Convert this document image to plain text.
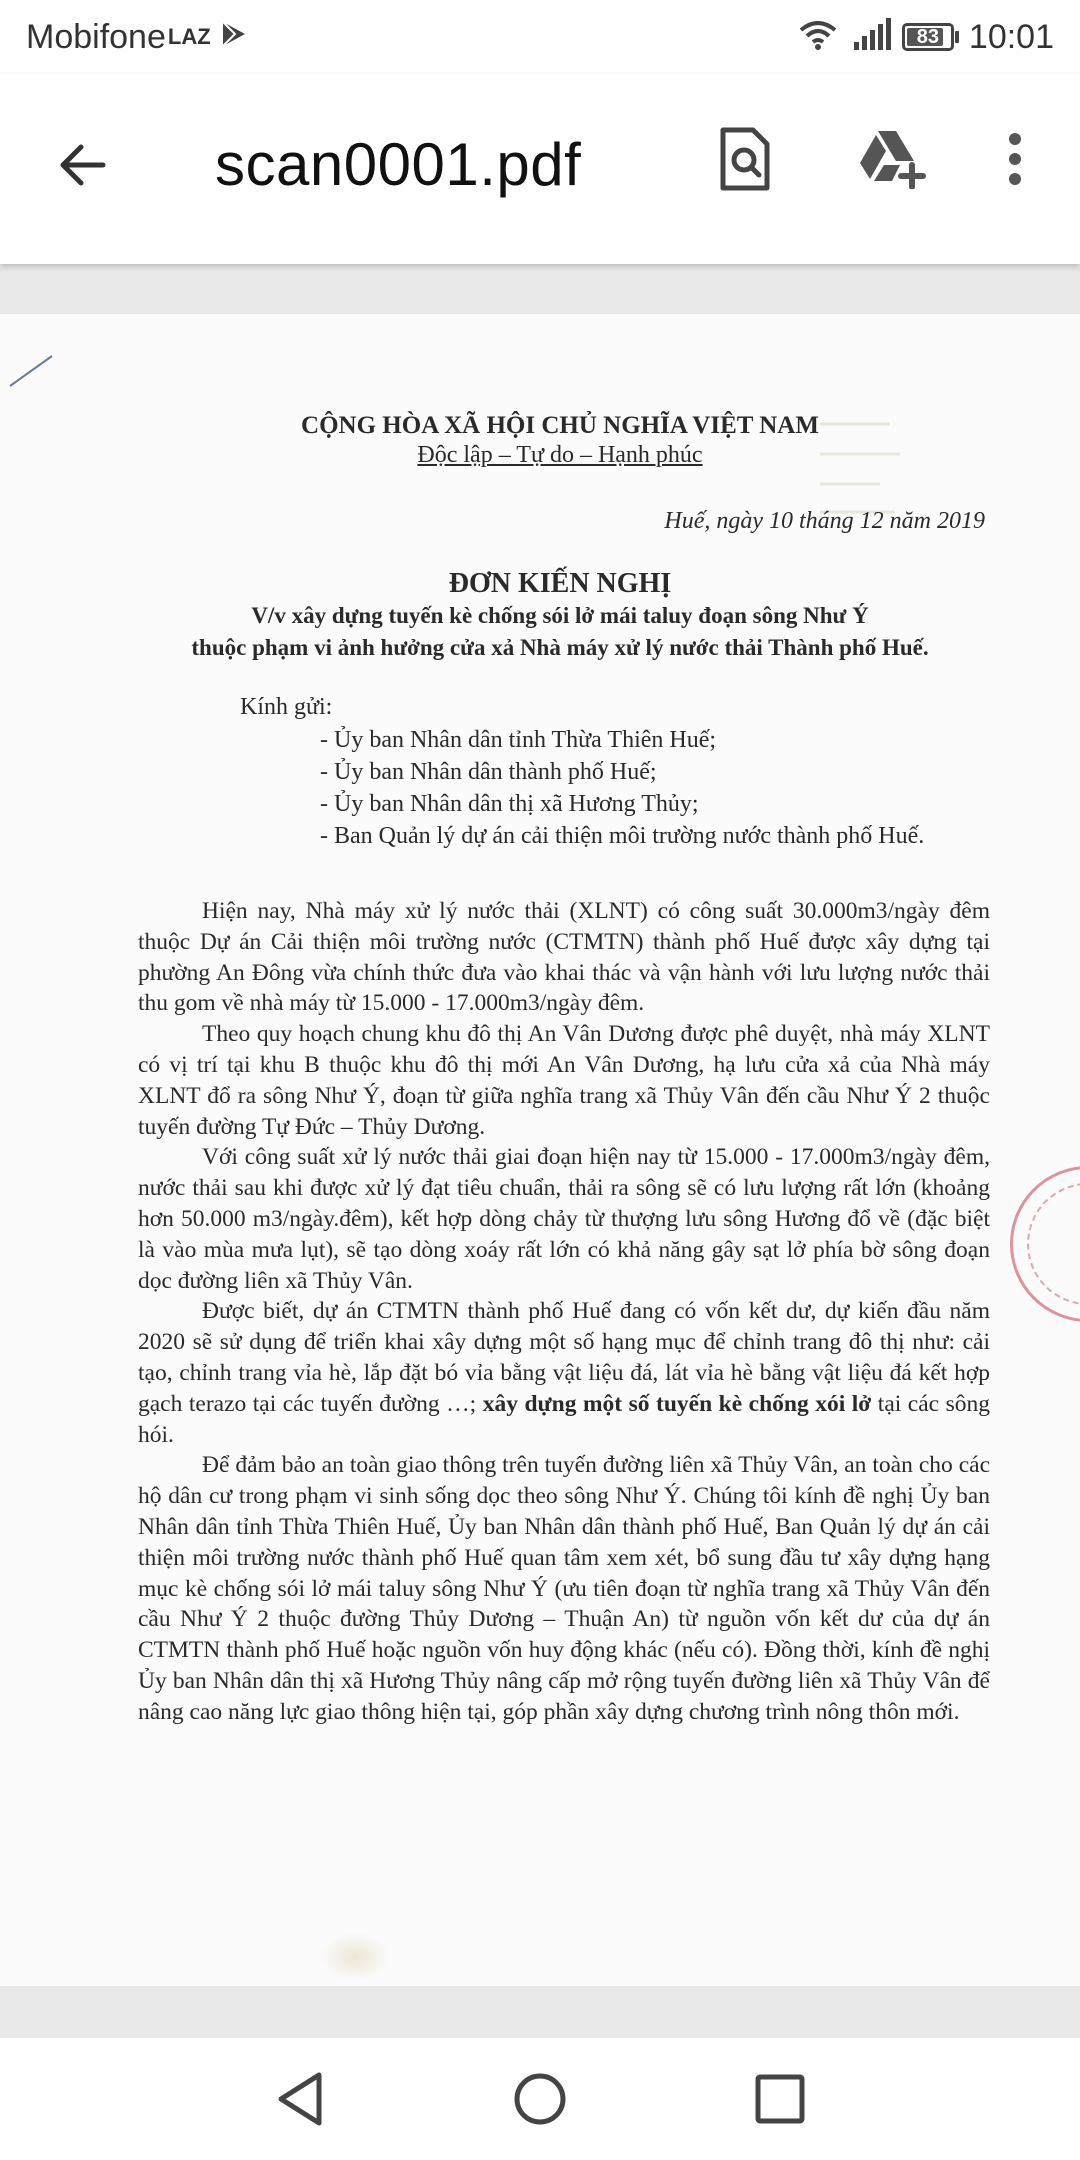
Mobifone LAZ	83 10:01
scan0001.pdf
CỘNG HÒA XÃ HỘI CHỦ NGHĨA VIỆT NAM
Độc lập – Tự do – Hạnh phúc
Huế, ngày 10 tháng 12 năm 2019
ĐƠN KIẾN NGHỊ
V/v xây dựng tuyến kè chống sói lở mái taluy đoạn sông Như Ý
thuộc phạm vi ảnh hưởng cửa xả Nhà máy xử lý nước thải Thành phố Huế.
Kính gửi:
- Ủy ban Nhân dân tỉnh Thừa Thiên Huế;
- Ủy ban Nhân dân thành phố Huế;
- Ủy ban Nhân dân thị xã Hương Thủy;
- Ban Quản lý dự án cải thiện môi trường nước thành phố Huế.

Hiện nay, Nhà máy xử lý nước thải (XLNT) có công suất 30.000m3/ngày đêm thuộc Dự án Cải thiện môi trường nước (CTMTN) thành phố Huế được xây dựng tại phường An Đông vừa chính thức đưa vào khai thác và vận hành với lưu lượng nước thải thu gom về nhà máy từ 15.000 - 17.000m3/ngày đêm.

Theo quy hoạch chung khu đô thị An Vân Dương được phê duyệt, nhà máy XLNT có vị trí tại khu B thuộc khu đô thị mới An Vân Dương, hạ lưu cửa xả của Nhà máy XLNT đổ ra sông Như Ý, đoạn từ giữa nghĩa trang xã Thủy Vân đến cầu Như Ý 2 thuộc tuyến đường Tự Đức – Thủy Dương.

Với công suất xử lý nước thải giai đoạn hiện nay từ 15.000 - 17.000m3/ngày đêm, nước thải sau khi được xử lý đạt tiêu chuẩn, thải ra sông sẽ có lưu lượng rất lớn (khoảng hơn 50.000 m3/ngày.đêm), kết hợp dòng chảy từ thượng lưu sông Hương đổ về (đặc biệt là vào mùa mưa lụt), sẽ tạo dòng xoáy rất lớn có khả năng gây sạt lở phía bờ sông đoạn dọc đường liên xã Thủy Vân.

Được biết, dự án CTMTN thành phố Huế đang có vốn kết dư, dự kiến đầu năm 2020 sẽ sử dụng để triển khai xây dựng một số hạng mục để chỉnh trang đô thị như: cải tạo, chỉnh trang vỉa hè, lắp đặt bó vỉa bằng vật liệu đá, lát vỉa hè bằng vật liệu đá kết hợp gạch terazo tại các tuyến đường …; xây dựng một số tuyến kè chống xói lở tại các sông hói.

Để đảm bảo an toàn giao thông trên tuyến đường liên xã Thủy Vân, an toàn cho các hộ dân cư trong phạm vi sinh sống dọc theo sông Như Ý. Chúng tôi kính đề nghị Ủy ban Nhân dân tỉnh Thừa Thiên Huế, Ủy ban Nhân dân thành phố Huế, Ban Quản lý dự án cải thiện môi trường nước thành phố Huế quan tâm xem xét, bổ sung đầu tư xây dựng hạng mục kè chống sói lở mái taluy sông Như Ý (ưu tiên đoạn từ nghĩa trang xã Thủy Vân đến cầu Như Ý 2 thuộc đường Thủy Dương – Thuận An) từ nguồn vốn kết dư của dự án CTMTN thành phố Huế hoặc nguồn vốn huy động khác (nếu có). Đồng thời, kính đề nghị Ủy ban Nhân dân thị xã Hương Thủy nâng cấp mở rộng tuyến đường liên xã Thủy Vân để nâng cao năng lực giao thông hiện tại, góp phần xây dựng chương trình nông thôn mới.
